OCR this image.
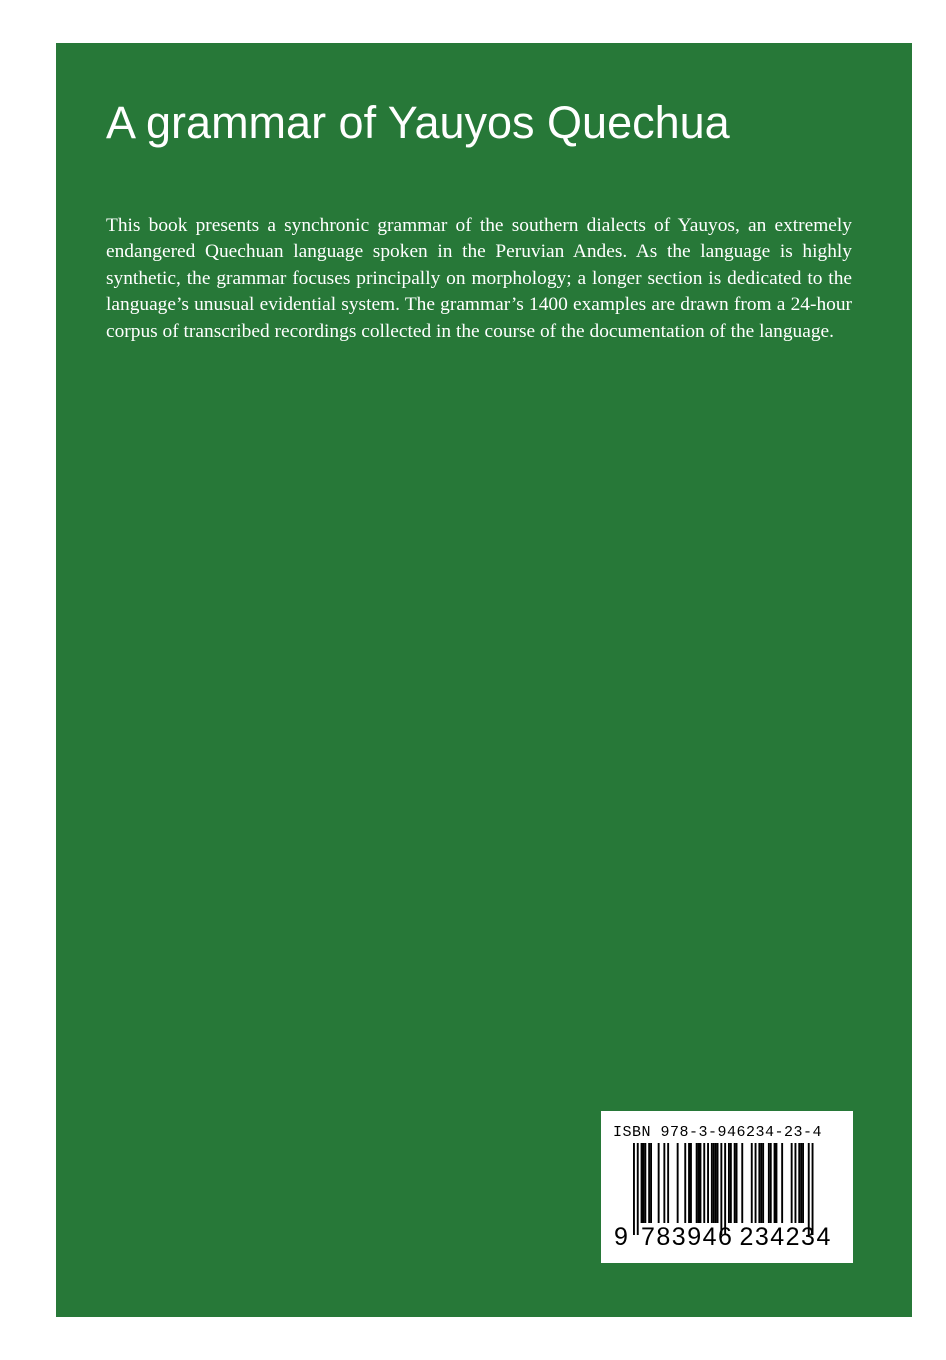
A grammar of Yauyos Quechua

This book presents a synchronic grammar of the southern dialects of Yauyos, an extremely endangered Quechuan language spoken in the Peruvian Andes. As the language is highly synthetic, the grammar focuses principally on morphology; a longer section is dedicated to the language’s unusual evidential system. The grammar’s 1400 examples are drawn from a 24-hour corpus of transcribed recordings collected in the course of the documentation of the language.

ISBN 978-3-946234-23-4
9 783946 234234
